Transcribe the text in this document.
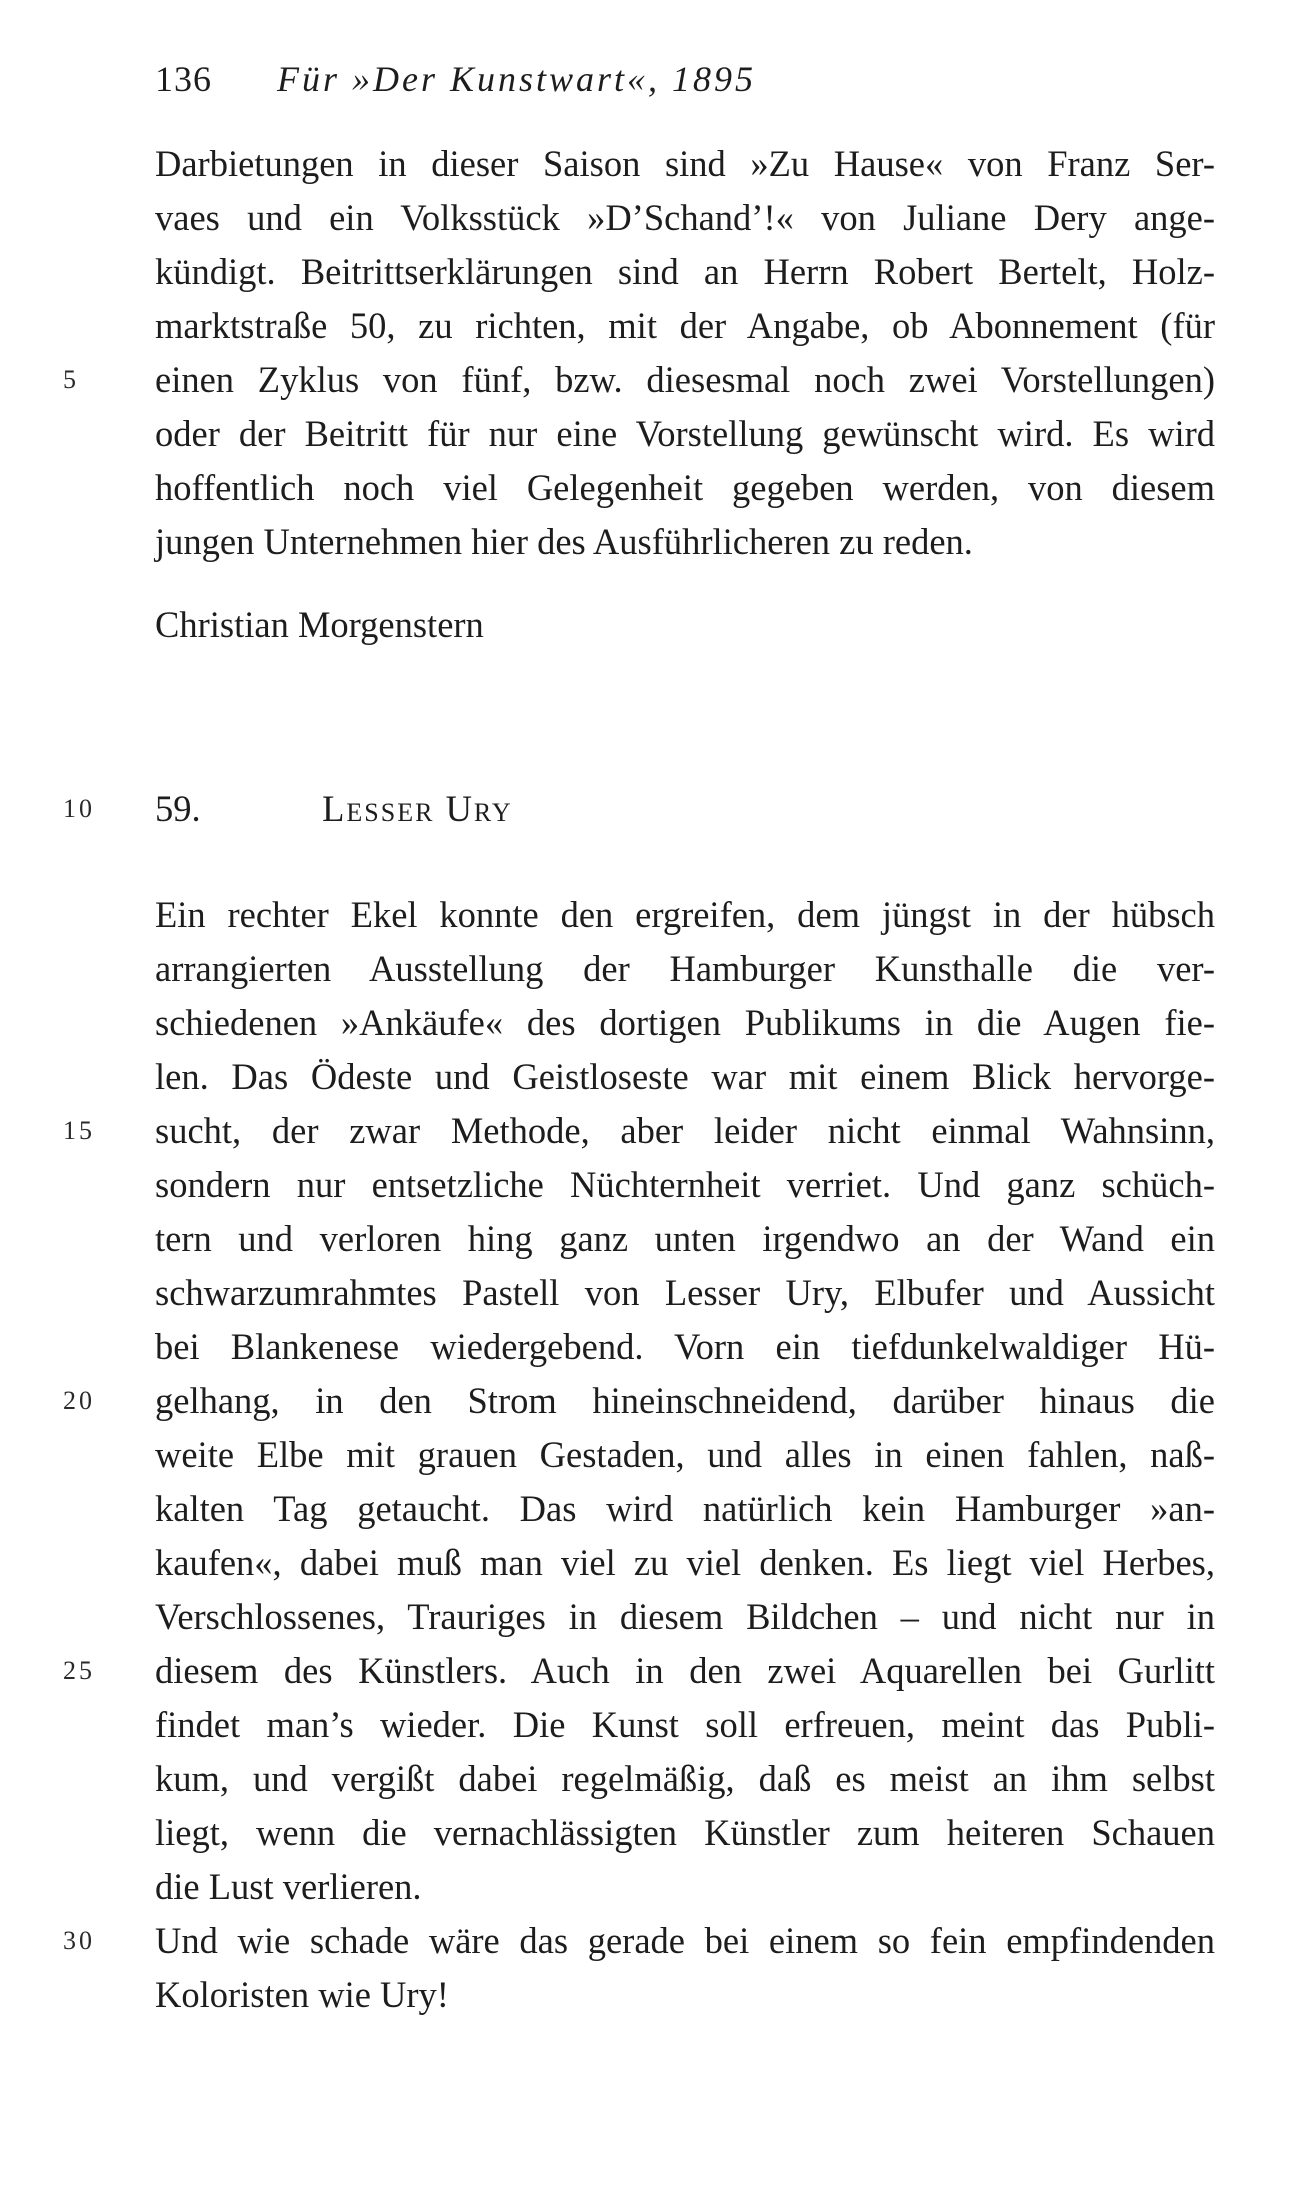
136 Für »Der Kunstwart«, 1895
Darbietungen in dieser Saison sind »Zu Hause« von Franz Ser-
vaes und ein Volksstück »D’Schand’!« von Juliane Dery ange-
kündigt. Beitrittserklärungen sind an Herrn Robert Bertelt, Holz-
marktstraße 50, zu richten, mit der Angabe, ob Abonnement (für
5	einen Zyklus von fünf, bzw. diesesmal noch zwei Vorstellungen)
oder der Beitritt für nur eine Vorstellung gewünscht wird. Es wird
hoffentlich noch viel Gelegenheit gegeben werden, von diesem
jungen Unternehmen hier des Ausführlicheren zu reden.
Christian Morgenstern
10	59.	Lesser Ury
Ein rechter Ekel konnte den ergreifen, dem jüngst in der hübsch
arrangierten Ausstellung der Hamburger Kunsthalle die ver-
schiedenen »Ankäufe« des dortigen Publikums in die Augen fie-
len. Das Ödeste und Geistloseste war mit einem Blick hervorge-
15	sucht, der zwar Methode, aber leider nicht einmal Wahnsinn,
sondern nur entsetzliche Nüchternheit verriet. Und ganz schüch-
tern und verloren hing ganz unten irgendwo an der Wand ein
schwarzumrahmtes Pastell von Lesser Ury, Elbufer und Aussicht
bei Blankenese wiedergebend. Vorn ein tiefdunkelwaldiger Hü-
20	gelhang, in den Strom hineinschneidend, darüber hinaus die
weite Elbe mit grauen Gestaden, und alles in einen fahlen, naß-
kalten Tag getaucht. Das wird natürlich kein Hamburger »an-
kaufen«, dabei muß man viel zu viel denken. Es liegt viel Herbes,
Verschlossenes, Trauriges in diesem Bildchen – und nicht nur in
25	diesem des Künstlers. Auch in den zwei Aquarellen bei Gurlitt
findet man’s wieder. Die Kunst soll erfreuen, meint das Publi-
kum, und vergißt dabei regelmäßig, daß es meist an ihm selbst
liegt, wenn die vernachlässigten Künstler zum heiteren Schauen
die Lust verlieren.
30	Und wie schade wäre das gerade bei einem so fein empfindenden
Koloristen wie Ury!
